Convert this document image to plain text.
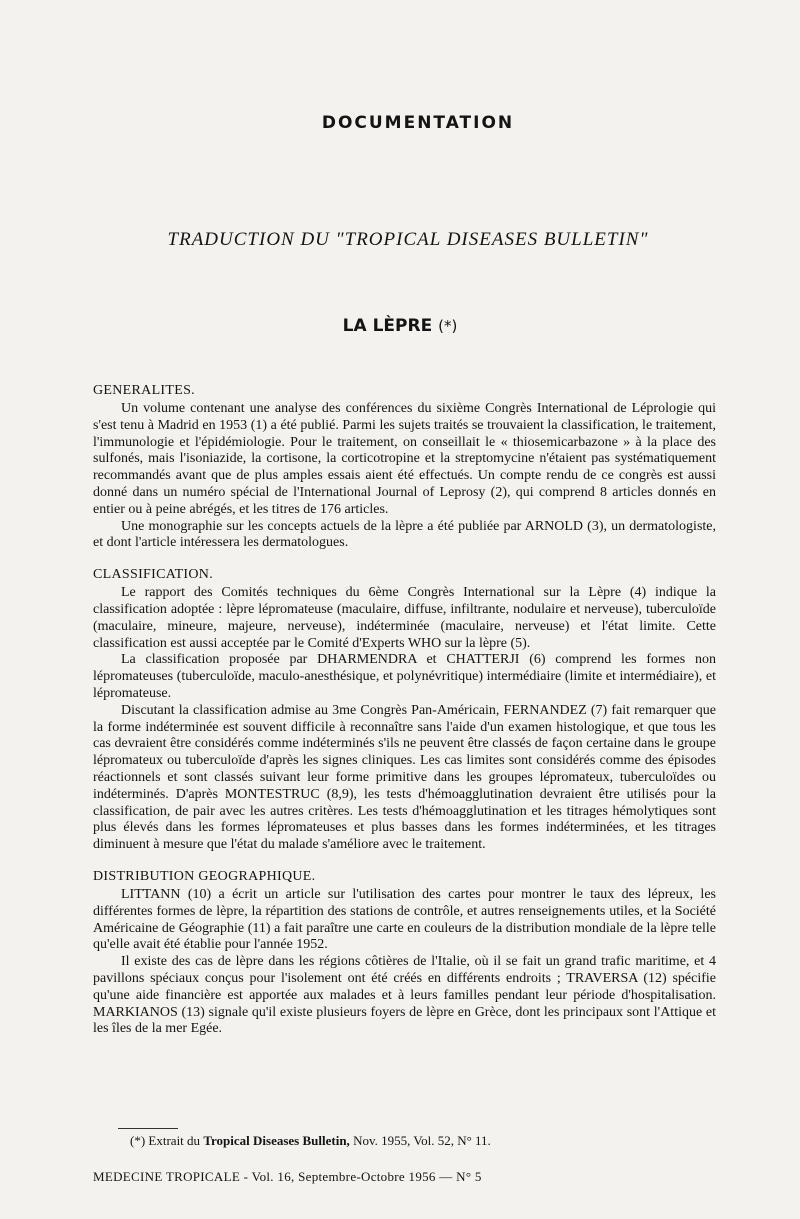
DOCUMENTATION
TRADUCTION DU "TROPICAL DISEASES BULLETIN"
LA LÈPRE (*)
GENERALITES.

Un volume contenant une analyse des conférences du sixième Congrès International de Léprologie qui s'est tenu à Madrid en 1953 (1) a été publié. Parmi les sujets traités se trouvaient la classification, le traitement, l'immunologie et l'épidémiologie. Pour le traitement, on conseillait le « thiosemicarbazone » à la place des sulfonés, mais l'isoniazide, la cortisone, la corticotropine et la streptomycine n'étaient pas systématiquement recommandés avant que de plus amples essais aient été effectués. Un compte rendu de ce congrès est aussi donné dans un numéro spécial de l'International Journal of Leprosy (2), qui comprend 8 articles donnés en entier ou à peine abrégés, et les titres de 176 articles.

Une monographie sur les concepts actuels de la lèpre a été publiée par ARNOLD (3), un dermatologiste, et dont l'article intéressera les dermatologues.

CLASSIFICATION.

Le rapport des Comités techniques du 6ème Congrès International sur la Lèpre (4) indique la classification adoptée : lèpre lépromateuse (maculaire, diffuse, infiltrante, nodulaire et nerveuse), tuberculoïde (maculaire, mineure, majeure, nerveuse), indéterminée (maculaire, nerveuse) et l'état limite. Cette classification est aussi acceptée par le Comité d'Experts WHO sur la lèpre (5).

La classification proposée par DHARMENDRA et CHATTERJI (6) comprend les formes non lépromateuses (tuberculoïde, maculo-anesthésique, et polynévritique) intermédiaire (limite et intermédiaire), et lépromateuse.

Discutant la classification admise au 3me Congrès Pan-Américain, FERNANDEZ (7) fait remarquer que la forme indéterminée est souvent difficile à reconnaître sans l'aide d'un examen histologique, et que tous les cas devraient être considérés comme indéterminés s'ils ne peuvent être classés de façon certaine dans le groupe lépromateux ou tuberculoïde d'après les signes cliniques. Les cas limites sont considérés comme des épisodes réactionnels et sont classés suivant leur forme primitive dans les groupes lépromateux, tuberculoïdes ou indéterminés. D'après MONTESTRUC (8,9), les tests d'hémoagglutination devraient être utilisés pour la classification, de pair avec les autres critères. Les tests d'hémoagglutination et les titrages hémolytiques sont plus élevés dans les formes lépromateuses et plus basses dans les formes indéterminées, et les titrages diminuent à mesure que l'état du malade s'améliore avec le traitement.

DISTRIBUTION GEOGRAPHIQUE.

LITTANN (10) a écrit un article sur l'utilisation des cartes pour montrer le taux des lépreux, les différentes formes de lèpre, la répartition des stations de contrôle, et autres renseignements utiles, et la Société Américaine de Géographie (11) a fait paraître une carte en couleurs de la distribution mondiale de la lèpre telle qu'elle avait été établie pour l'année 1952.

Il existe des cas de lèpre dans les régions côtières de l'Italie, où il se fait un grand trafic maritime, et 4 pavillons spéciaux conçus pour l'isolement ont été créés en différents endroits ; TRAVERSA (12) spécifie qu'une aide financière est apportée aux malades et à leurs familles pendant leur période d'hospitalisation. MARKIANOS (13) signale qu'il existe plusieurs foyers de lèpre en Grèce, dont les principaux sont l'Attique et les îles de la mer Egée.

(*) Extrait du Tropical Diseases Bulletin, Nov. 1955, Vol. 52, N° 11.
MEDECINE TROPICALE - Vol. 16, Septembre-Octobre 1956 — N° 5
